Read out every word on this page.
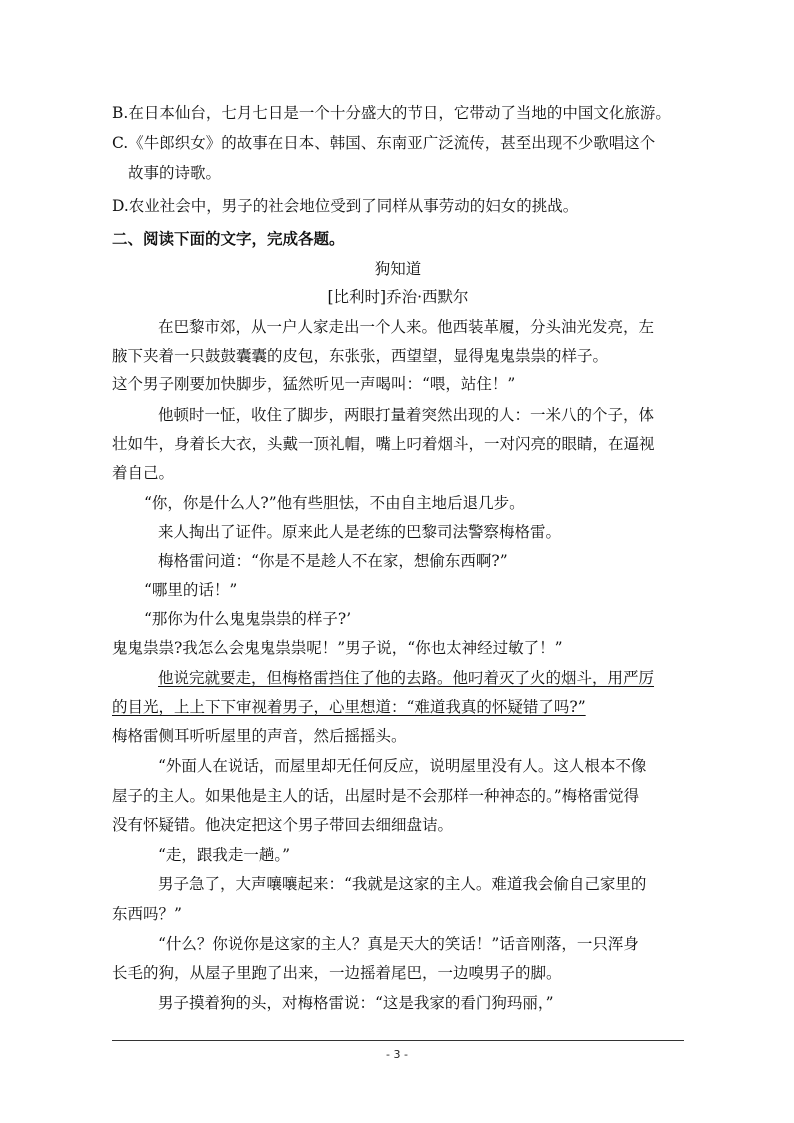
B.在日本仙台，七月七日是一个十分盛大的节日，它带动了当地的中国文化旅游。
C.《牛郎织女》的故事在日本、韩国、东南亚广泛流传，甚至出现不少歌唱这个
故事的诗歌。
D.农业社会中，男子的社会地位受到了同样从事劳动的妇女的挑战。
二、阅读下面的文字，完成各题。
狗知道
[比利时]乔治·西默尔
在巴黎市郊，从一户人家走出一个人来。他西装革履，分头油光发亮，左
腋下夹着一只鼓鼓囊囊的皮包，东张张，西望望，显得鬼鬼祟祟的样子。
这个男子刚要加快脚步，猛然听见一声喝叫：“喂，站住！”
他顿时一怔，收住了脚步，两眼打量着突然出现的人：一米八的个子，体
壮如牛，身着长大衣，头戴一顶礼帽，嘴上叼着烟斗，一对闪亮的眼睛，在逼视
着自己。
“你，你是什么人?”他有些胆怯，不由自主地后退几步。
来人掏出了证件。原来此人是老练的巴黎司法警察梅格雷。
梅格雷问道：“你是不是趁人不在家，想偷东西啊?”
“哪里的话！”
“那你为什么鬼鬼祟祟的样子?’
鬼鬼祟祟?我怎么会鬼鬼祟祟呢！”男子说，“你也太神经过敏了！”
他说完就要走，但梅格雷挡住了他的去路。他叼着灭了火的烟斗，用严厉
的目光，上上下下审视着男子，心里想道：“难道我真的怀疑错了吗?”
梅格雷侧耳听听屋里的声音，然后摇摇头。
“外面人在说话，而屋里却无任何反应，说明屋里没有人。这人根本不像
屋子的主人。如果他是主人的话，出屋时是不会那样一种神态的。”梅格雷觉得
没有怀疑错。他决定把这个男子带回去细细盘诘。
“走，跟我走一趟。”
男子急了，大声嚷嚷起来：“我就是这家的主人。难道我会偷自己家里的
东西吗？”
“什么？你说你是这家的主人？真是天大的笑话！”话音刚落，一只浑身
长毛的狗，从屋子里跑了出来，一边摇着尾巴，一边嗅男子的脚。
男子摸着狗的头，对梅格雷说：“这是我家的看门狗玛丽，”
- 3 -
